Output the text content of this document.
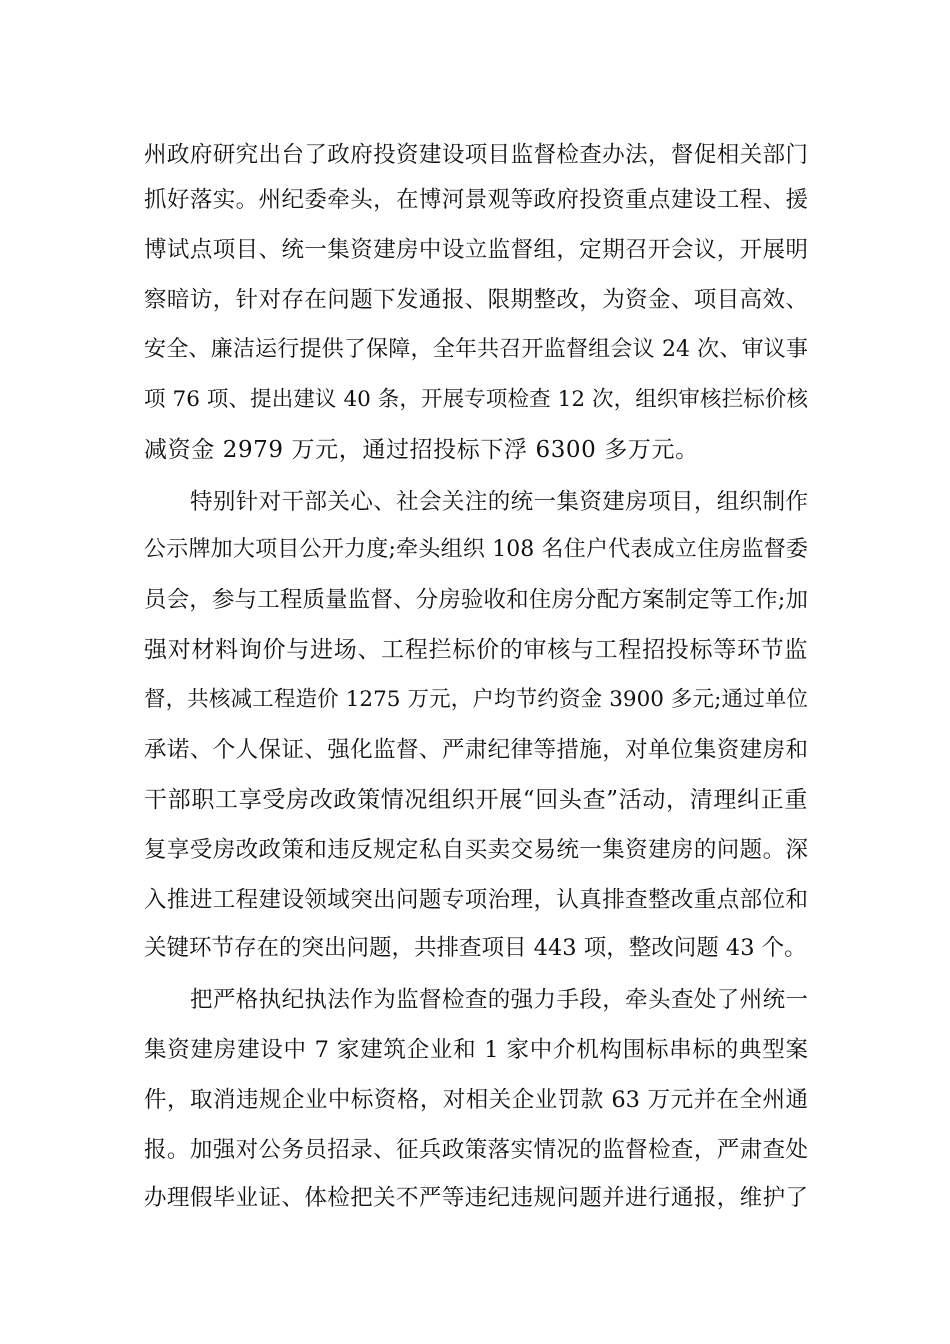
州政府研究出台了政府投资建设项目监督检查办法，督促相关部门
抓好落实。州纪委牵头，在博河景观等政府投资重点建设工程、援
博试点项目、统一集资建房中设立监督组，定期召开会议，开展明
察暗访，针对存在问题下发通报、限期整改，为资金、项目高效、
安全、廉洁运行提供了保障，全年共召开监督组会议 24 次、审议事
项 76 项、提出建议 40 条，开展专项检查 12 次，组织审核拦标价核
减资金 2979 万元，通过招投标下浮 6300 多万元。
特别针对干部关心、社会关注的统一集资建房项目，组织制作
公示牌加大项目公开力度;牵头组织 108 名住户代表成立住房监督委
员会，参与工程质量监督、分房验收和住房分配方案制定等工作;加
强对材料询价与进场、工程拦标价的审核与工程招投标等环节监
督，共核减工程造价 1275 万元，户均节约资金 3900 多元;通过单位
承诺、个人保证、强化监督、严肃纪律等措施，对单位集资建房和
干部职工享受房改政策情况组织开展“回头查”活动，清理纠正重
复享受房改政策和违反规定私自买卖交易统一集资建房的问题。深
入推进工程建设领域突出问题专项治理，认真排查整改重点部位和
关键环节存在的突出问题，共排查项目 443 项，整改问题 43 个。
把严格执纪执法作为监督检查的强力手段，牵头查处了州统一
集资建房建设中 7 家建筑企业和 1 家中介机构围标串标的典型案
件，取消违规企业中标资格，对相关企业罚款 63 万元并在全州通
报。加强对公务员招录、征兵政策落实情况的监督检查，严肃查处
办理假毕业证、体检把关不严等违纪违规问题并进行通报，维护了
